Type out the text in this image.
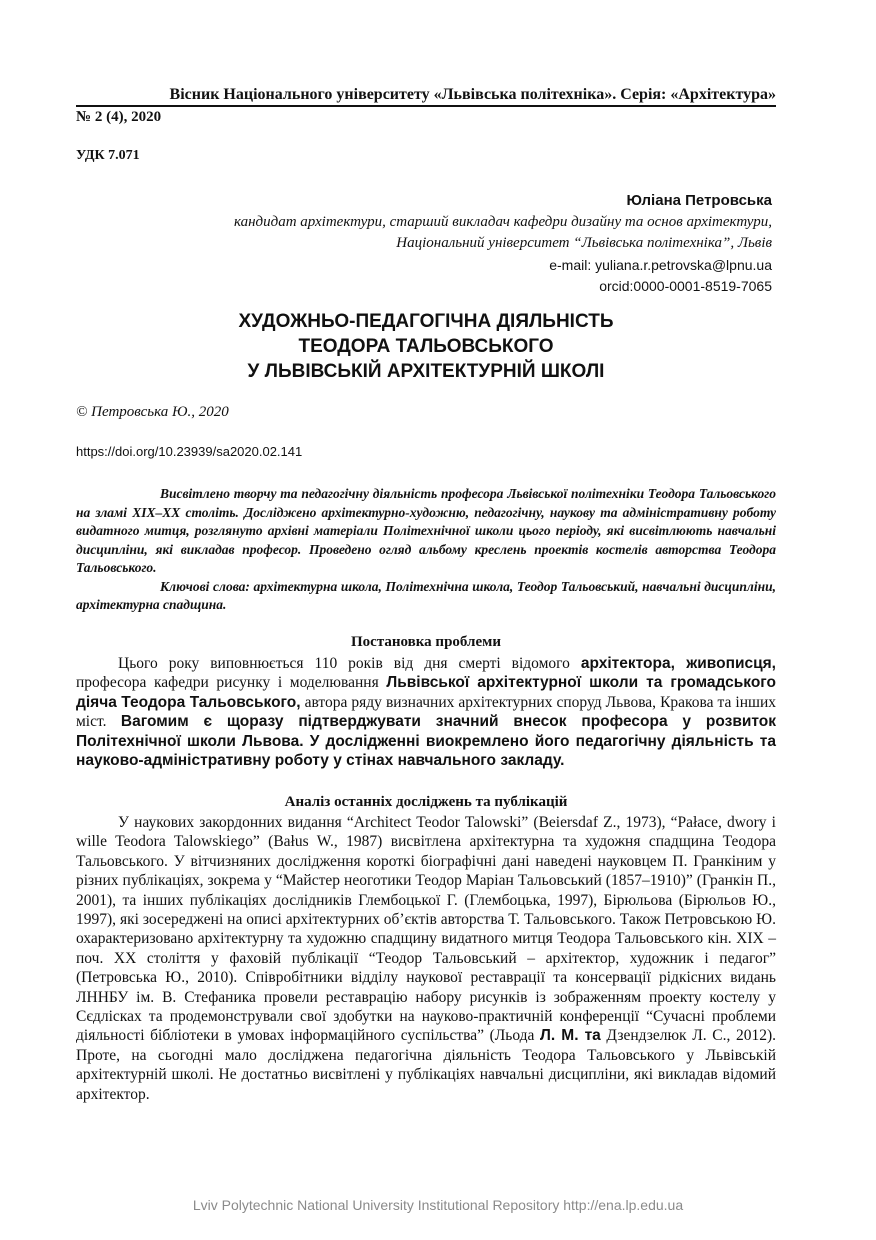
Вісник Національного університету «Львівська політехніка». Серія: «Архітектура»
№ 2 (4), 2020
УДК 7.071
Юліана Петровська
кандидат архітектури, старший викладач кафедри дизайну та основ архітектури,
Національний університет “Львівська політехніка”, Львів
e-mail: yuliana.r.petrovska@lpnu.ua
orcid:0000-0001-8519-7065
ХУДОЖНЬО-ПЕДАГОГІЧНА ДІЯЛЬНІСТЬ
ТЕОДОРА ТАЛЬОВСЬКОГО
У ЛЬВІВСЬКІЙ АРХІТЕКТУРНІЙ ШКОЛІ
© Петровська Ю., 2020
https://doi.org/10.23939/sa2020.02.141

Висвітлено творчу та педагогічну діяльність професора Львівської політехніки Теодора Тальовського на зламі XIX–XX століть. Досліджено архітектурно-художню, педагогічну, наукову та адміністративну роботу видатного митця, розглянуто архівні матеріали Політехнічної школи цього періоду, які висвітлюють навчальні дисципліни, які викладав професор. Проведено огляд альбому креслень проектів костелів авторства Теодора Тальовського.

Ключові слова: архітектурна школа, Політехнічна школа, Теодор Тальовський, навчальні дисципліни, архітектурна спадщина.

Постановка проблеми

Цього року виповнюється 110 років від дня смерті відомого архітектора, живописця, професора кафедри рисунку і моделювання Львівської архітектурної школи та громадського діяча Теодора Тальовського, автора ряду визначних архітектурних споруд Львова, Кракова та інших міст. Вагомим є щоразу підтверджувати значний внесок професора у розвиток Політехнічної школи Львова. У дослідженні виокремлено його педагогічну діяльність та науково-адміністративну роботу у стінах навчального закладу.

Аналіз останніх досліджень та публікацій

У наукових закордонних видання “Architect Teodor Talowski” (Beiersdaf Z., 1973), “Pałace, dwory i wille Teodora Talowskiego” (Bałus W., 1987) висвітлена архітектурна та художня спадщина Теодора Тальовського. У вітчизняних дослідження короткі біографічні дані наведені науковцем П. Гранкіним у різних публікаціях, зокрема у “Майстер неоготики Теодор Маріан Тальовський (1857–1910)” (Гранкін П., 2001), та інших публікаціях дослідників Глембоцької Г. (Глембоцька, 1997), Бірюльова (Бірюльов Ю., 1997), які зосереджені на описі архітектурних об’єктів авторства Т. Тальовського. Також Петровською Ю. охарактеризовано архітектурну та художню спадщину видатного митця Теодора Тальовського кін. XIX – поч. XX століття у фаховій публікації “Теодор Тальовський – архітектор, художник і педагог” (Петровська Ю., 2010). Співробітники відділу наукової реставрації та консервації рідкісних видань ЛННБУ ім. В. Стефаника провели реставрацію набору рисунків із зображенням проекту костелу у Сєдліскаx та продемонстрували свої здобутки на науково-практичній конференції “Сучасні проблеми діяльності бібліотеки в умовах інформаційного суспільства” (Льода Л. М. та Дзендзелюк Л. С., 2012). Проте, на сьогодні мало досліджена педагогічна діяльність Теодора Тальовського у Львівській архітектурній школі. Не достатньо висвітлені у публікаціях навчальні дисципліни, які викладав відомий архітектор.

Lviv Polytechnic National University Institutional Repository http://ena.lp.edu.ua
